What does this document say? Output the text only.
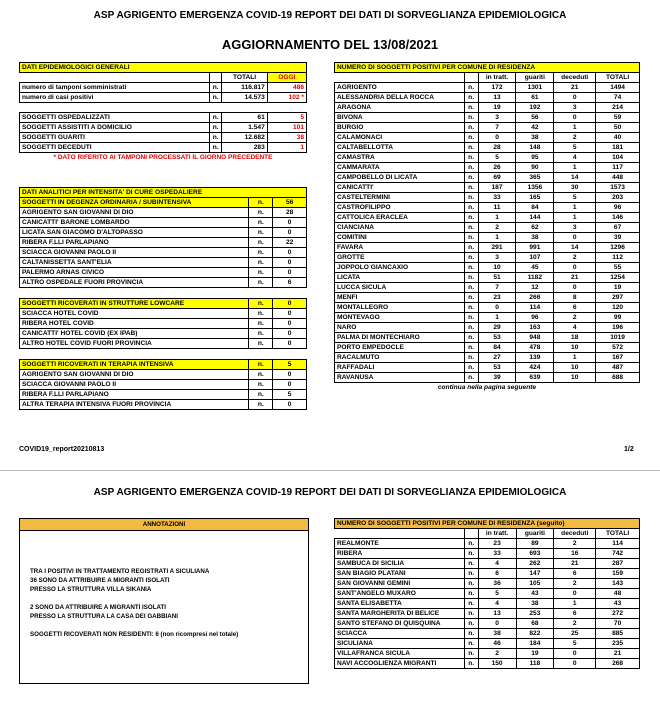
ASP AGRIGENTO EMERGENZA COVID-19 REPORT DEI DATI DI SORVEGLIANZA EPIDEMIOLOGICA
AGGIORNAMENTO DEL 13/08/2021
DATI EPIDEMIOLOGICI GENERALI			
		TOTALI	OGGI
numero di tamponi somministrati	n.	116.817	486
numero di casi positivi	n.	14.573	102 *

SOGGETTI OSPEDALIZZATI	n.	61	5
SOGGETTI ASSISTITI A DOMICILIO	n.	1.547	101
SOGGETTI GUARITI	n.	12.682	38
SOGGETTI DECEDUTI	n.	283	1
* DATO RIFERITO AI TAMPONI PROCESSATI IL GIORNO PRECEDENTE			
DATI ANALITICI PER INTENSITA' DI CURE OSPEDALIERE		
SOGGETTI IN DEGENZA ORDINARIA / SUBINTENSIVA	n.	56
AGRIGENTO SAN GIOVANNI DI DIO	n.	28
CANICATTI' BARONE LOMBARDO	n.	0
LICATA SAN GIACOMO D'ALTOPASSO	n.	0
RIBERA F.LLI PARLAPIANO	n.	22
SCIACCA GIOVANNI PAOLO II	n.	0
CALTANISSETTA SANT'ELIA	n.	0
PALERMO ARNAS CIVICO	n.	0
ALTRO OSPEDALE FUORI PROVINCIA	n.	6

SOGGETTI RICOVERATI IN STRUTTURE LOWCARE	n.	0
SCIACCA HOTEL COVID	n.	0
RIBERA HOTEL COVID	n.	0
CANICATTI' HOTEL COVID (EX IPAB)	n.	0
ALTRO HOTEL COVID FUORI PROVINCIA	n.	0

SOGGETTI RICOVERATI IN TERAPIA INTENSIVA	n.	5
AGRIGENTO SAN GIOVANNI DI DIO	n.	0
SCIACCA GIOVANNI PAOLO II	n.	0
RIBERA F.LLI PARLAPIANO	n.	5
ALTRA TERAPIA INTENSIVA FUORI PROVINCIA	n.	0
NUMERO DI SOGGETTI POSITIVI PER COMUNE DI RESIDENZA					
		in tratt.	guariti	deceduti	TOTALI
AGRIGENTO	n.	172	1301	21	1494
ALESSANDRIA DELLA ROCCA	n.	13	61	0	74
ARAGONA	n.	19	192	3	214
BIVONA	n.	3	56	0	59
BURGIO	n.	7	42	1	50
CALAMONACI	n.	0	38	2	40
CALTABELLOTTA	n.	28	148	5	181
CAMASTRA	n.	5	95	4	104
CAMMARATA	n.	26	90	1	117
CAMPOBELLO DI LICATA	n.	69	365	14	448
CANICATTI'	n.	187	1356	30	1573
CASTELTERMINI	n.	33	165	5	203
CASTROFILIPPO	n.	11	84	1	96
CATTOLICA ERACLEA	n.	1	144	1	146
CIANCIANA	n.	2	62	3	67
COMITINI	n.	1	38	0	39
FAVARA	n.	291	991	14	1296
GROTTE	n.	3	107	2	112
JOPPOLO GIANCAXIO	n.	10	45	0	55
LICATA	n.	51	1182	21	1254
LUCCA SICULA	n.	7	12	0	19
MENFI	n.	23	266	8	297
MONTALLEGRO	n.	0	114	6	120
MONTEVAGO	n.	1	96	2	99
NARO	n.	29	163	4	196
PALMA DI MONTECHIARO	n.	53	948	18	1019
PORTO EMPEDOCLE	n.	84	478	10	572
RACALMUTO	n.	27	139	1	167
RAFFADALI	n.	53	424	10	487
RAVANUSA	n.	39	639	10	688
continua nella pagina seguente					
COVID19_report20210813	1/2
ASP AGRIGENTO EMERGENZA COVID-19 REPORT DEI DATI DI SORVEGLIANZA EPIDEMIOLOGICA
ANNOTAZIONI

TRA I POSITIVI IN TRATTAMENTO REGISTRATI A SICULIANA

36 SONO DA ATTRIBUIRE A MIGRANTI ISOLATI

PRESSO LA STRUTTURA VILLA SIKANIA

2 SONO DA ATTRIBUIRE A MIGRANTI ISOLATI

PRESSO LA STRUTTURA LA CASA DEI GABBIANI

SOGGETTI RICOVERATI NON RESIDENTI: 6 (non ricompresi nel totale)

NUMERO DI SOGGETTI POSITIVI PER COMUNE DI RESIDENZA (seguito)					
		in tratt.	guariti	deceduti	TOTALI
REALMONTE	n.	23	89	2	114
RIBERA	n.	33	693	16	742
SAMBUCA DI SICILIA	n.	4	262	21	287
SAN BIAGIO PLATANI	n.	6	147	6	159
SAN GIOVANNI GEMINI	n.	36	105	2	143
SANT'ANGELO MUXARO	n.	5	43	0	48
SANTA ELISABETTA	n.	4	38	1	43
SANTA MARGHERITA DI BELICE	n.	13	253	6	272
SANTO STEFANO DI QUISQUINA	n.	0	68	2	70
SCIACCA	n.	38	822	25	885
SICULIANA	n.	46	184	5	235
VILLAFRANCA SICULA	n.	2	19	0	21
NAVI ACCOGLIENZA MIGRANTI	n.	150	118	0	268
